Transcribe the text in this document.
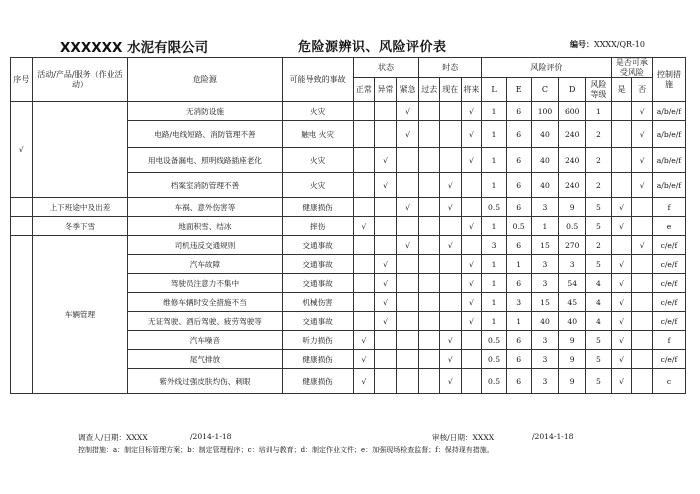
XXXXXX 水泥有限公司	危险源辨识、风险评价表	编号：XXXX/QR-10
序号	活动/产品/服务（作业活动）	危险源	可能导致的事故	状态			时态			风险评价					是否可承受风险		控制措施
				正常	异常	紧急	过去	现在	将来	L	E	C	D	风险等级	是	否	

√		无消防设施	火灾			√			√	1	6	100	600	1		√	a/b/e/f
		电路/电线短路、消防管理不善	触电 火灾			√			√	1	6	40	240	2		√	a/b/e/f
		用电设备漏电、照明线路插座老化	火灾		√				√	1	6	40	240	2		√	a/b/e/f
		档案室消防管理不善	火灾		√			√		1	6	40	240	2		√	a/b/e/f
	上下班途中及出差	车祸、意外伤害等	健康损伤			√		√		0.5	6	3	9	5	√		f
	冬季下雪	地面积雪、结冰	摔伤	√					√	1	0.5	1	0.5	5	√		e
	车辆管理	司机违反交通规则	交通事故			√		√		3	6	15	270	2		√	c/e/f
		汽车故障	交通事故		√				√	1	1	3	3	5	√		c/e/f
		驾驶员注意力不集中	交通事故		√				√	1	6	3	54	4	√		c/e/f
		维修车辆时安全措施不当	机械伤害		√				√	1	3	15	45	4	√		c/e/f
		无证驾驶、酒后驾驶、疲劳驾驶等	交通事故		√				√	1	1	40	40	4	√		c/e/f
		汽车噪音	听力损伤	√				√		0.5	6	3	9	5	√		f
		尾气排放	健康损伤	√				√		0.5	6	3	9	5	√		c/e/f
		紫外线过强皮肤灼伤、刺眼	健康损伤	√				√		0.5	6	3	9	5	√		c
调查人/日期：XXXX	/2014-1-18	审核/日期：XXXX	/2014-1-18
控制措施：a：制定目标管理方案；b：制定管理程序；c：培训与教育；d：制定作业文件；e：加强现场检查监督；f：保持现有措施。
